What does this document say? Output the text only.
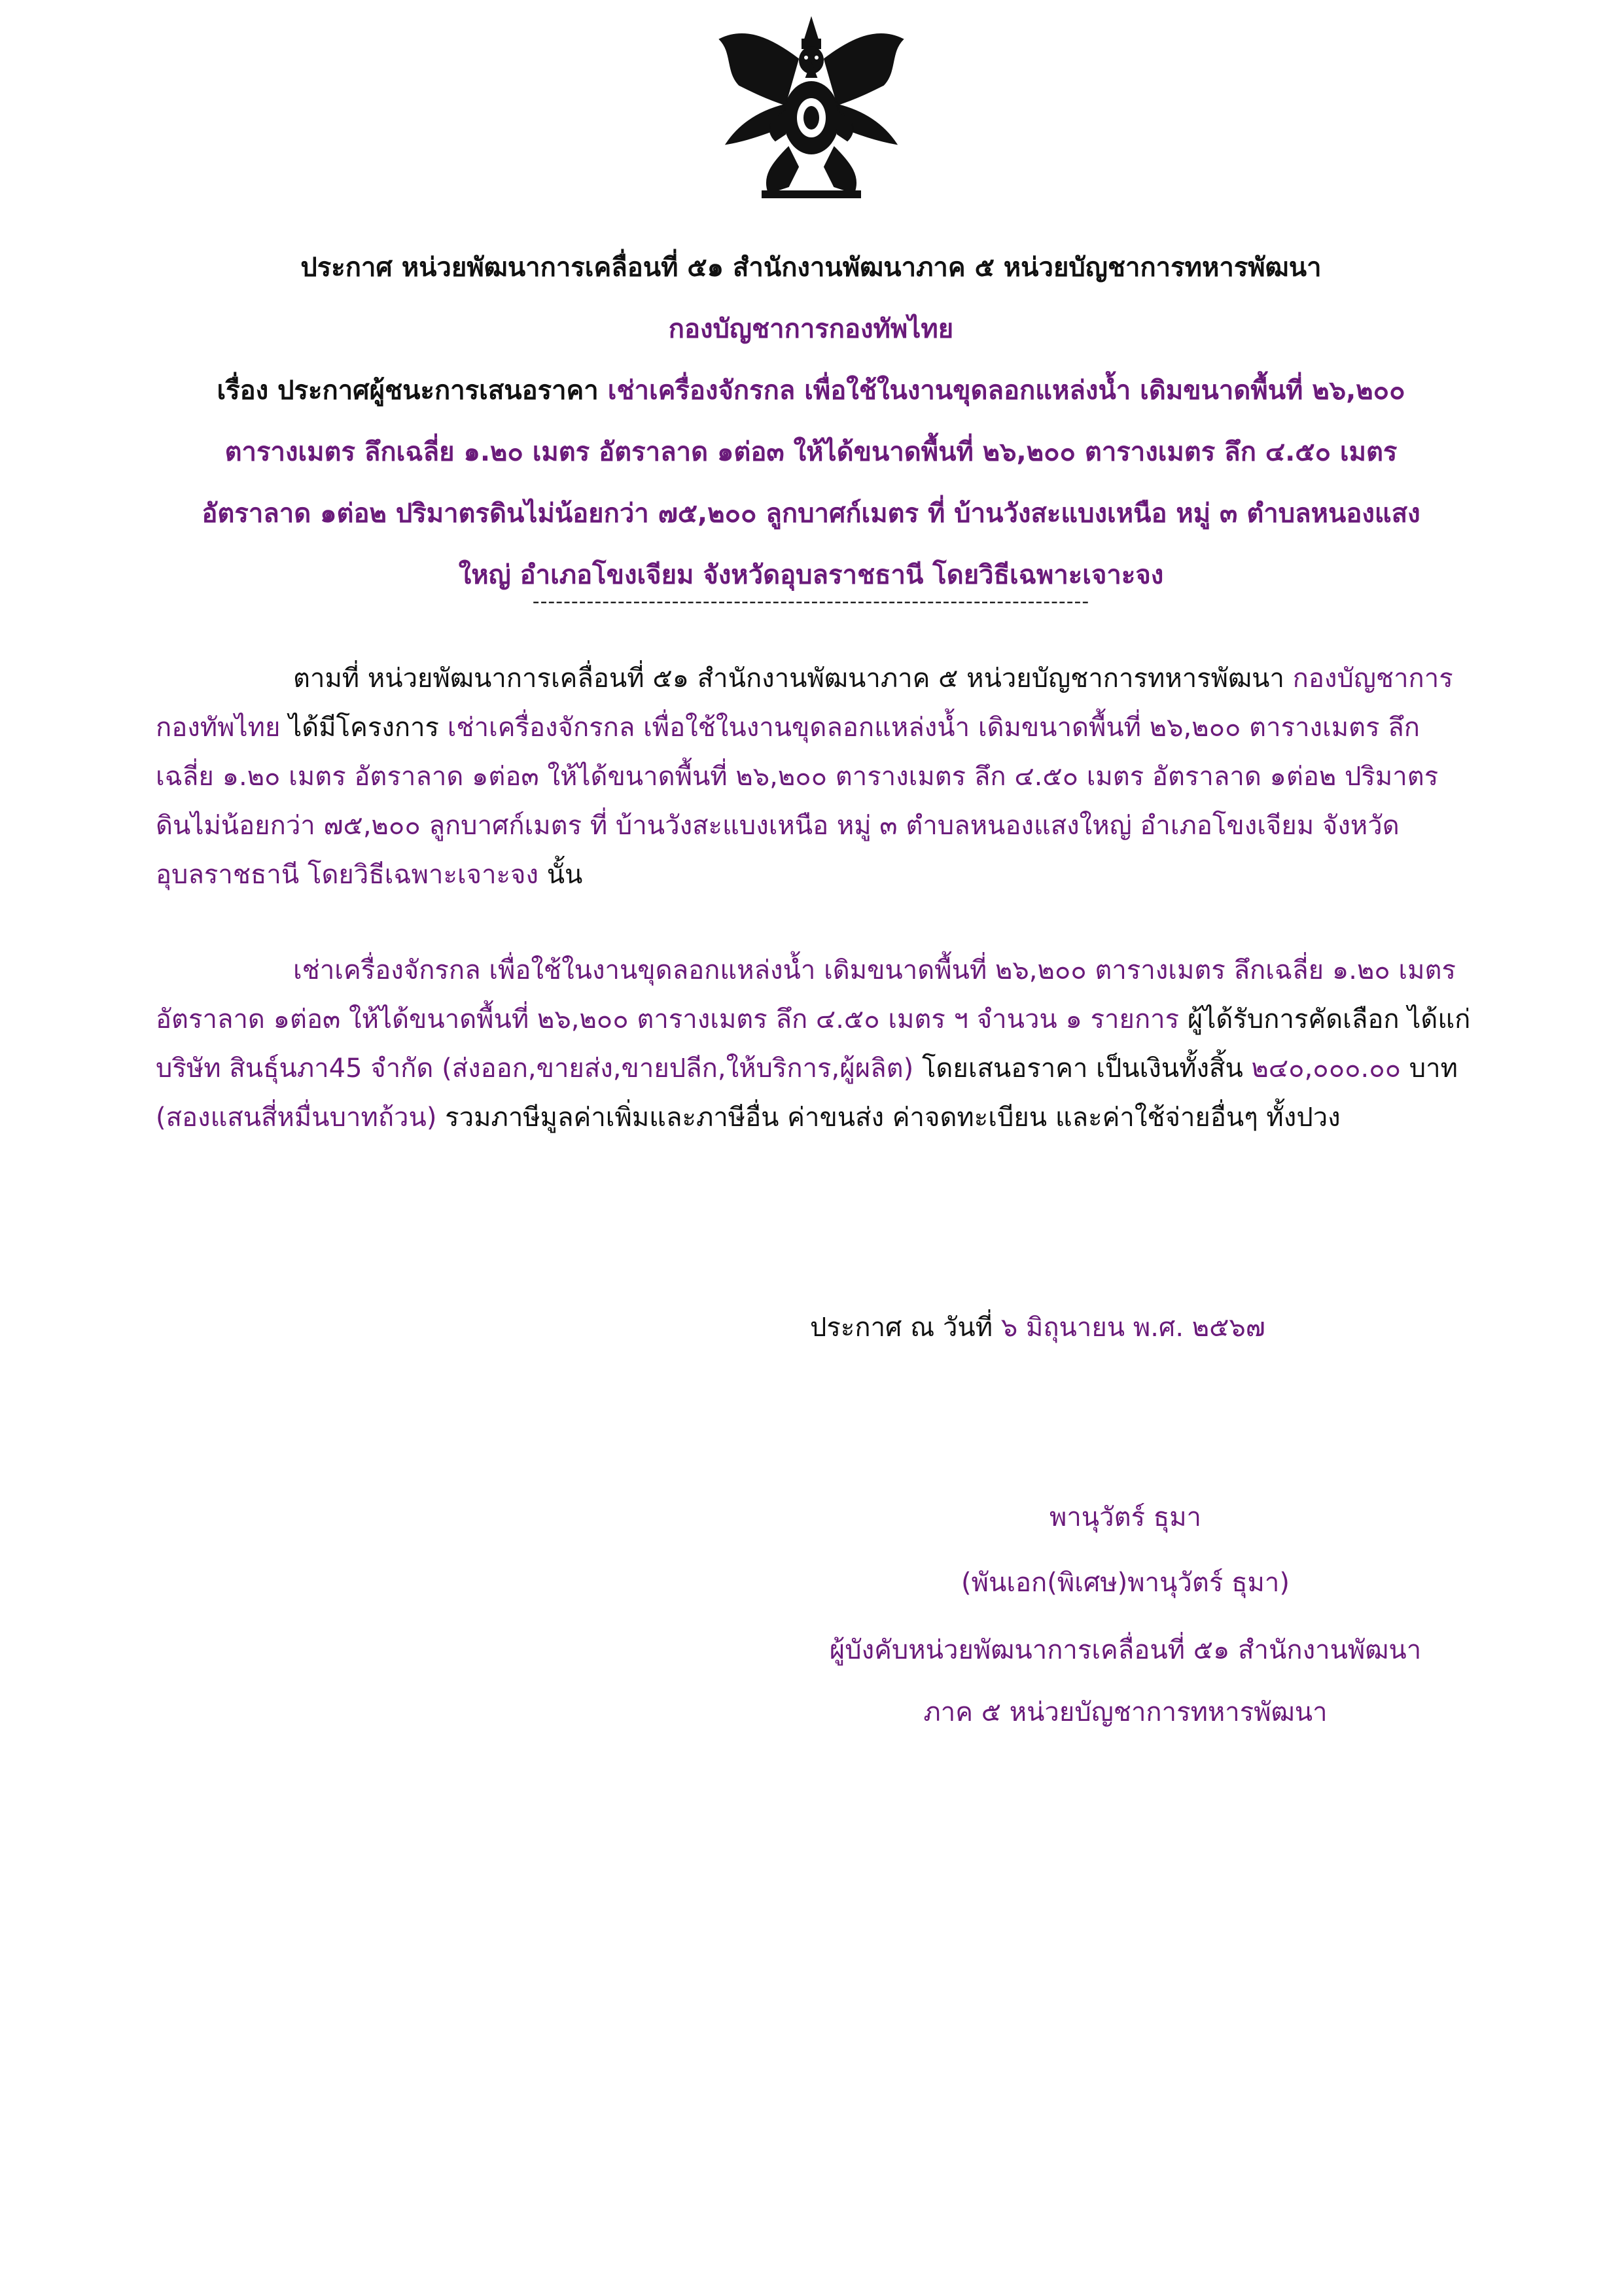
ประกาศ หน่วยพัฒนาการเคลื่อนที่ ๕๑ สำนักงานพัฒนาภาค ๕ หน่วยบัญชาการทหารพัฒนา
กองบัญชาการกองทัพไทย
เรื่อง ประกาศผู้ชนะการเสนอราคา เช่าเครื่องจักรกล เพื่อใช้ในงานขุดลอกแหล่งน้ำ เดิมขนาดพื้นที่ ๒๖,๒๐๐
ตารางเมตร ลึกเฉลี่ย ๑.๒๐ เมตร อัตราลาด ๑ต่อ๓ ให้ได้ขนาดพื้นที่ ๒๖,๒๐๐ ตารางเมตร ลึก ๔.๕๐ เมตร
อัตราลาด ๑ต่อ๒ ปริมาตรดินไม่น้อยกว่า ๗๕,๒๐๐ ลูกบาศก์เมตร ที่ บ้านวังสะแบงเหนือ หมู่ ๓ ตำบลหนองแสง
ใหญ่ อำเภอโขงเจียม จังหวัดอุบลราชธานี โดยวิธีเฉพาะเจาะจง
------------------------------------------------------------------------

ตามที่ หน่วยพัฒนาการเคลื่อนที่ ๕๑ สำนักงานพัฒนาภาค ๕ หน่วยบัญชาการทหารพัฒนา กองบัญชาการกองทัพไทย ได้มีโครงการ เช่าเครื่องจักรกล เพื่อใช้ในงานขุดลอกแหล่งน้ำ เดิมขนาดพื้นที่ ๒๖,๒๐๐ ตารางเมตร ลึกเฉลี่ย ๑.๒๐ เมตร อัตราลาด ๑ต่อ๓ ให้ได้ขนาดพื้นที่ ๒๖,๒๐๐ ตารางเมตร ลึก ๔.๕๐ เมตร อัตราลาด ๑ต่อ๒ ปริมาตรดินไม่น้อยกว่า ๗๕,๒๐๐ ลูกบาศก์เมตร ที่ บ้านวังสะแบงเหนือ หมู่ ๓ ตำบลหนองแสงใหญ่ อำเภอโขงเจียม จังหวัดอุบลราชธานี โดยวิธีเฉพาะเจาะจง นั้น

เช่าเครื่องจักรกล เพื่อใช้ในงานขุดลอกแหล่งน้ำ เดิมขนาดพื้นที่ ๒๖,๒๐๐ ตารางเมตร ลึกเฉลี่ย ๑.๒๐ เมตร อัตราลาด ๑ต่อ๓ ให้ได้ขนาดพื้นที่ ๒๖,๒๐๐ ตารางเมตร ลึก ๔.๕๐ เมตร ฯ จำนวน ๑ รายการ ผู้ได้รับการคัดเลือก ได้แก่ บริษัท สินธุ์นภา45 จำกัด (ส่งออก,ขายส่ง,ขายปลีก,ให้บริการ,ผู้ผลิต) โดยเสนอราคา เป็นเงินทั้งสิ้น ๒๔๐,๐๐๐.๐๐ บาท (สองแสนสี่หมื่นบาทถ้วน) รวมภาษีมูลค่าเพิ่มและภาษีอื่น ค่าขนส่ง ค่าจดทะเบียน และค่าใช้จ่ายอื่นๆ ทั้งปวง

ประกาศ ณ วันที่ ๖ มิถุนายน พ.ศ. ๒๕๖๗
พานุวัตร์ ธุมา
(พันเอก(พิเศษ)พานุวัตร์ ธุมา)
ผู้บังคับหน่วยพัฒนาการเคลื่อนที่ ๕๑ สำนักงานพัฒนา
ภาค ๕ หน่วยบัญชาการทหารพัฒนา
